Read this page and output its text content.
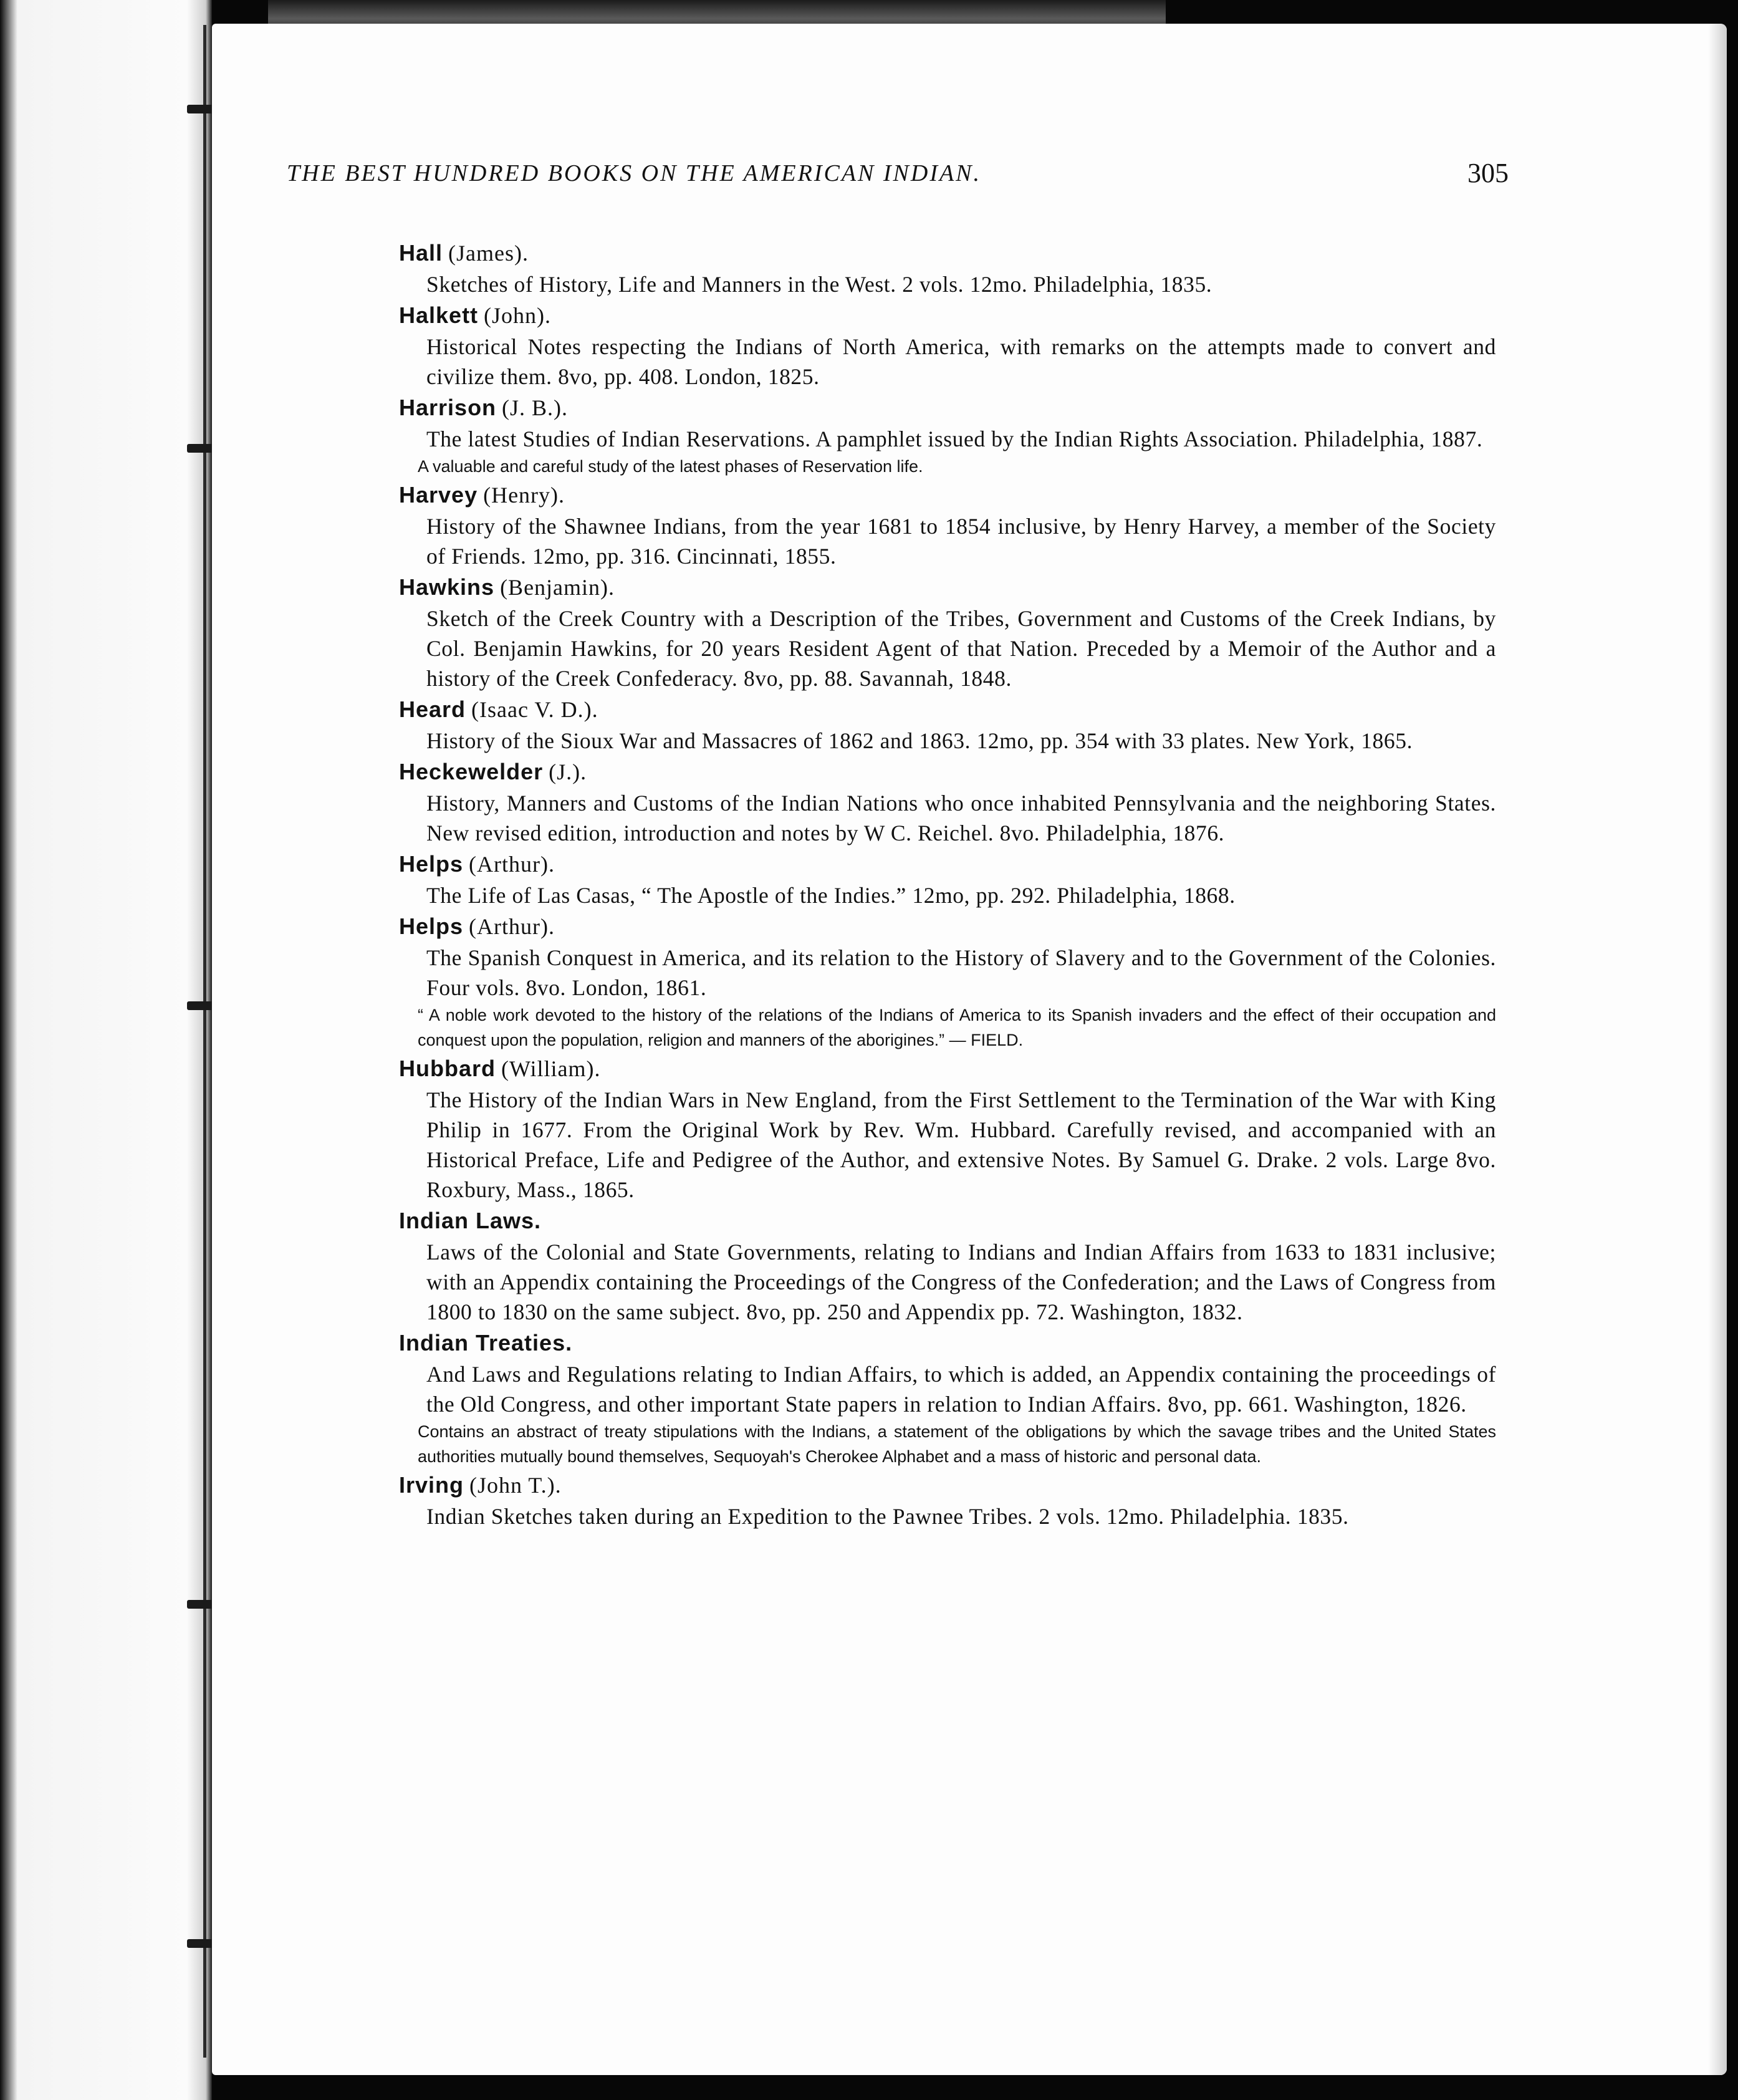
THE BEST HUNDRED BOOKS ON THE AMERICAN INDIAN.	305
Hall (James).

Sketches of History, Life and Manners in the West. 2 vols. 12mo. Philadelphia, 1835.

Halkett (John).

Historical Notes respecting the Indians of North America, with remarks on the attempts made to convert and civilize them. 8vo, pp. 408. London, 1825.

Harrison (J. B.).

The latest Studies of Indian Reservations. A pamphlet issued by the Indian Rights Association. Philadelphia, 1887.

A valuable and careful study of the latest phases of Reservation life.

Harvey (Henry).

History of the Shawnee Indians, from the year 1681 to 1854 inclusive, by Henry Harvey, a member of the Society of Friends. 12mo, pp. 316. Cincinnati, 1855.

Hawkins (Benjamin).

Sketch of the Creek Country with a Description of the Tribes, Government and Customs of the Creek Indians, by Col. Benjamin Hawkins, for 20 years Resident Agent of that Nation. Preceded by a Memoir of the Author and a history of the Creek Confederacy. 8vo, pp. 88. Savannah, 1848.

Heard (Isaac V. D.).

History of the Sioux War and Massacres of 1862 and 1863. 12mo, pp. 354 with 33 plates. New York, 1865.

Heckewelder (J.).

History, Manners and Customs of the Indian Nations who once inhabited Pennsylvania and the neighboring States. New revised edition, introduction and notes by W C. Reichel. 8vo. Philadelphia, 1876.

Helps (Arthur).

The Life of Las Casas, “ The Apostle of the Indies.” 12mo, pp. 292. Philadelphia, 1868.

Helps (Arthur).

The Spanish Conquest in America, and its relation to the History of Slavery and to the Government of the Colonies. Four vols. 8vo. London, 1861.

“ A noble work devoted to the history of the relations of the Indians of America to its Spanish invaders and the effect of their occupation and conquest upon the population, religion and manners of the aborigines.” — FIELD.

Hubbard (William).

The History of the Indian Wars in New England, from the First Settlement to the Termination of the War with King Philip in 1677. From the Original Work by Rev. Wm. Hubbard. Carefully revised, and accompanied with an Historical Preface, Life and Pedigree of the Author, and extensive Notes. By Samuel G. Drake. 2 vols. Large 8vo. Roxbury, Mass., 1865.

Indian Laws.

Laws of the Colonial and State Governments, relating to Indians and Indian Affairs from 1633 to 1831 inclusive; with an Appendix containing the Proceedings of the Congress of the Confederation; and the Laws of Congress from 1800 to 1830 on the same subject. 8vo, pp. 250 and Appendix pp. 72. Washington, 1832.

Indian Treaties.

And Laws and Regulations relating to Indian Affairs, to which is added, an Appendix containing the proceedings of the Old Congress, and other important State papers in relation to Indian Affairs. 8vo, pp. 661. Washington, 1826.

Contains an abstract of treaty stipulations with the Indians, a statement of the obligations by which the savage tribes and the United States authorities mutually bound themselves, Sequoyah's Cherokee Alphabet and a mass of historic and personal data.

Irving (John T.).

Indian Sketches taken during an Expedition to the Pawnee Tribes. 2 vols. 12mo. Philadelphia. 1835.
